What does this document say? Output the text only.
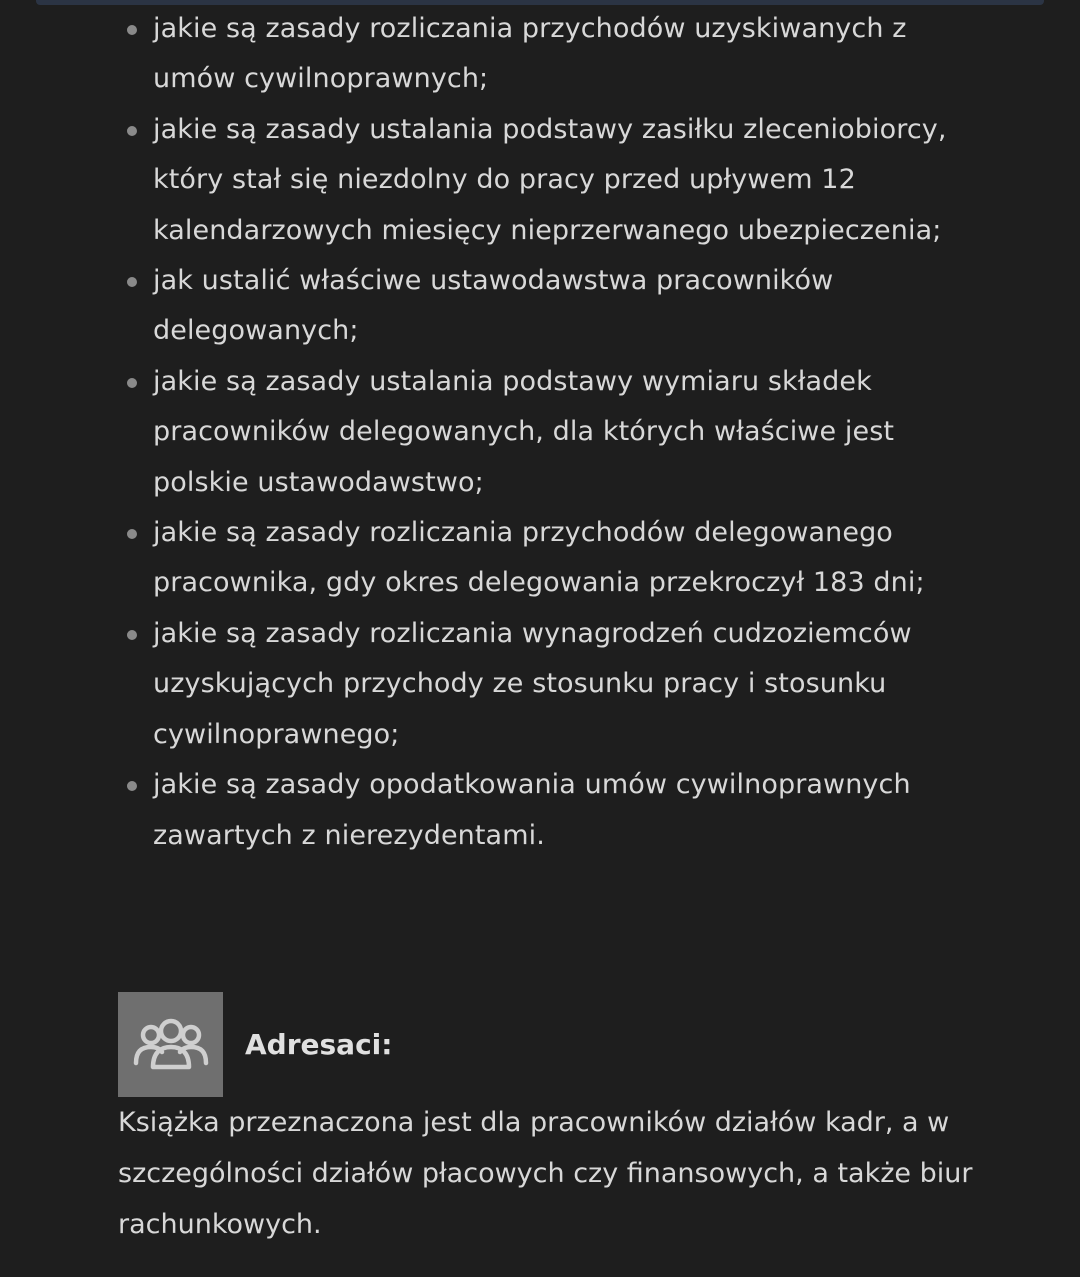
jakie są zasady rozliczania przychodów uzyskiwanych z umów cywilnoprawnych;
jakie są zasady ustalania podstawy zasiłku zleceniobiorcy, który stał się niezdolny do pracy przed upływem 12 kalendarzowych miesięcy nieprzerwanego ubezpieczenia;
jak ustalić właściwe ustawodawstwa pracowników delegowanych;
jakie są zasady ustalania podstawy wymiaru składek pracowników delegowanych, dla których właściwe jest polskie ustawodawstwo;
jakie są zasady rozliczania przychodów delegowanego pracownika, gdy okres delegowania przekroczył 183 dni;
jakie są zasady rozliczania wynagrodzeń cudzoziemców uzyskujących przychody ze stosunku pracy i stosunku cywilnoprawnego;
jakie są zasady opodatkowania umów cywilnoprawnych zawartych z nierezydentami.
Adresaci:

Książka przeznaczona jest dla pracowników działów kadr, a w szczególności działów płacowych czy finansowych, a także biur rachunkowych.
